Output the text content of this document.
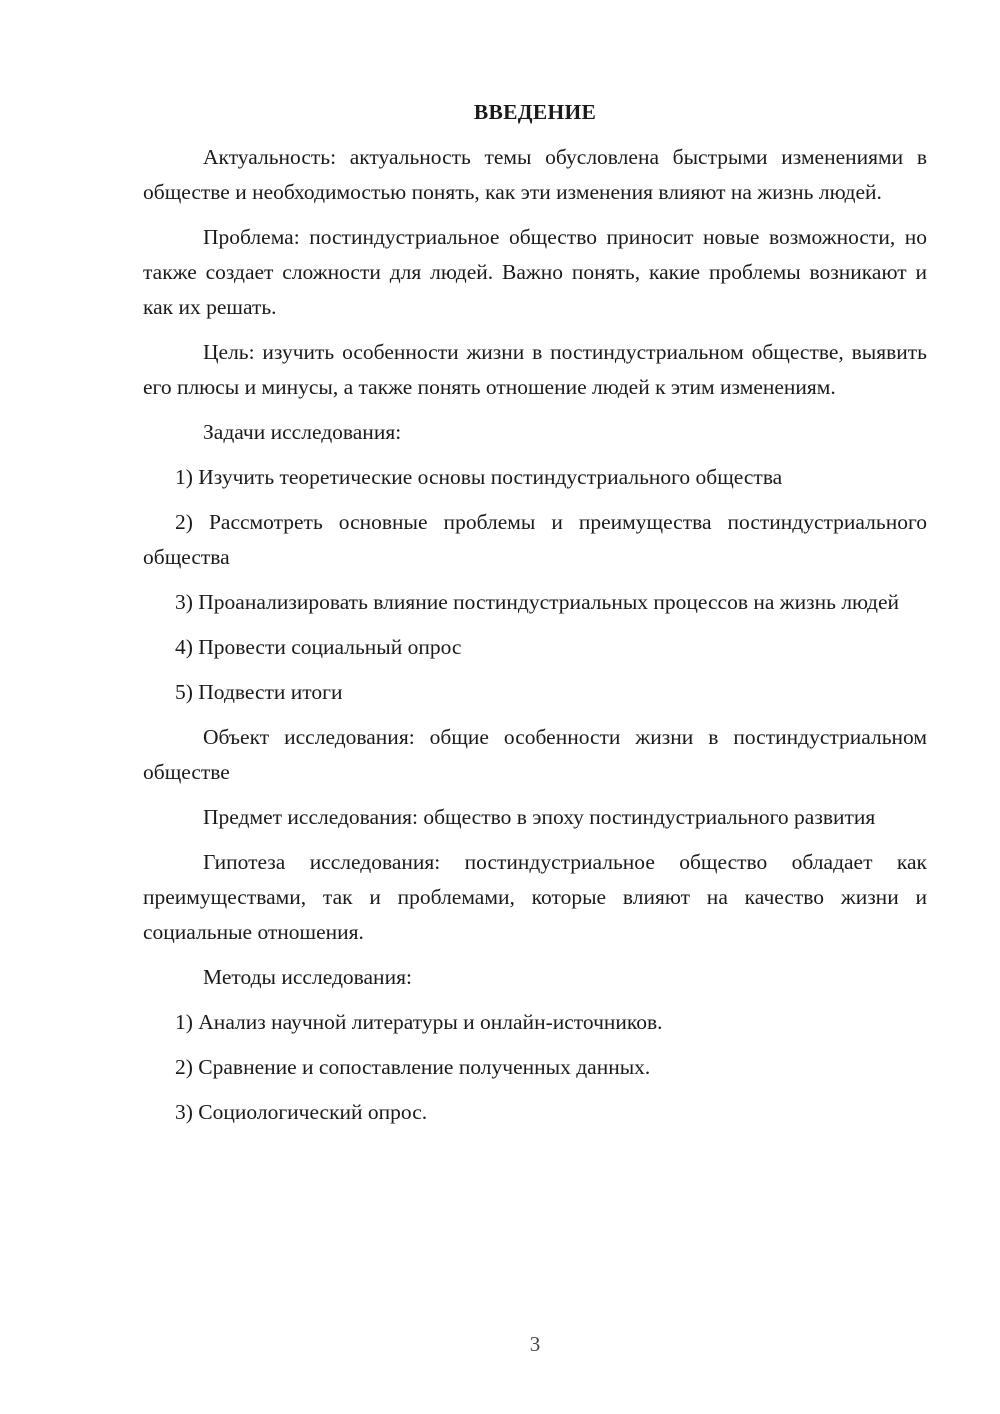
ВВЕДЕНИЕ

Актуальность: актуальность темы обусловлена быстрыми изменениями в обществе и необходимостью понять, как эти изменения влияют на жизнь людей.

Проблема: постиндустриальное общество приносит новые возможности, но также создает сложности для людей. Важно понять, какие проблемы возникают и как их решать.

Цель: изучить особенности жизни в постиндустриальном обществе, выявить его плюсы и минусы, а также понять отношение людей к этим изменениям.

Задачи исследования:

1) Изучить теоретические основы постиндустриального общества

2) Рассмотреть основные проблемы и преимущества постиндустриального общества

3) Проанализировать влияние постиндустриальных процессов на жизнь людей

4) Провести социальный опрос

5) Подвести итоги

Объект исследования: общие особенности жизни в постиндустриальном обществе

Предмет исследования: общество в эпоху постиндустриального развития

Гипотеза исследования: постиндустриальное общество обладает как преимуществами, так и проблемами, которые влияют на качество жизни и социальные отношения.

Методы исследования:

1) Анализ научной литературы и онлайн-источников.

2) Сравнение и сопоставление полученных данных.

3) Социологический опрос.

3
